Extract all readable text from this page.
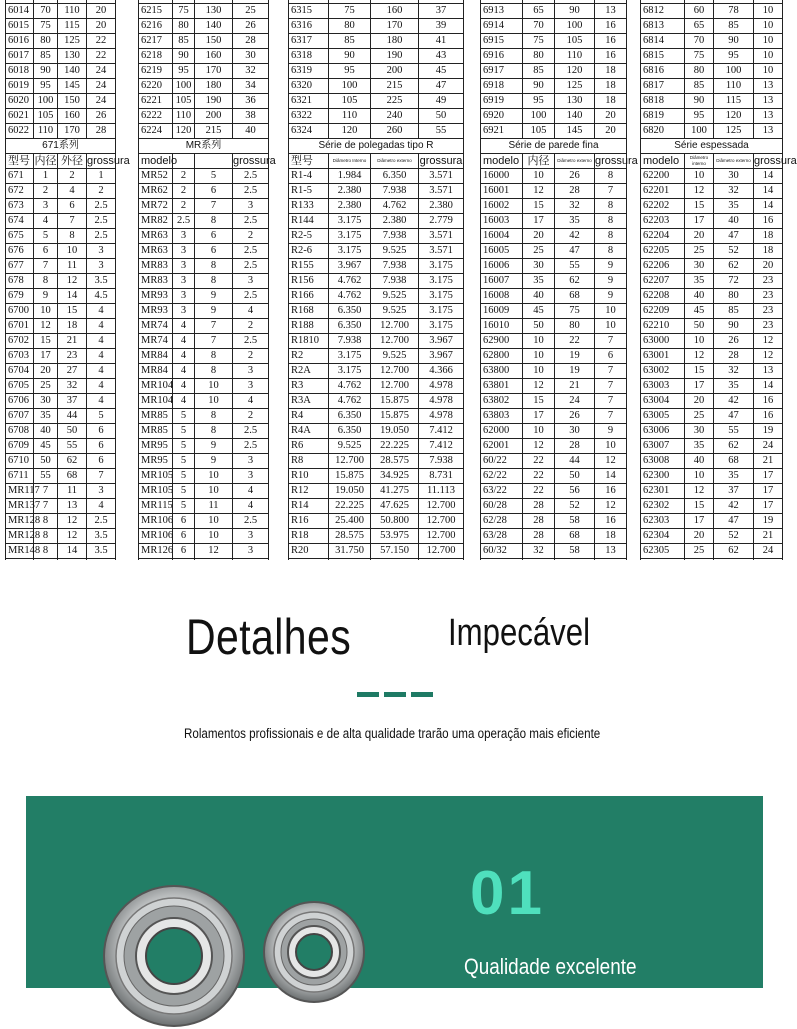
6014	70	110	20
6015	75	115	20
6016	80	125	22
6017	85	130	22
6018	90	140	24
6019	95	145	24
6020	100	150	24
6021	105	160	26
6022	110	170	28
671系列			
型号	内径	外径	grossura
671	1	2	1
672	2	4	2
673	3	6	2.5
674	4	7	2.5
675	5	8	2.5
676	6	10	3
677	7	11	3
678	8	12	3.5
679	9	14	4.5
6700	10	15	4
6701	12	18	4
6702	15	21	4
6703	17	23	4
6704	20	27	4
6705	25	32	4
6706	30	37	4
6707	35	44	5
6708	40	50	6
6709	45	55	6
6710	50	62	6
6711	55	68	7
MR117	7	11	3
MR137	7	13	4
MR128	8	12	2.5
MR128	8	12	3.5
MR148	8	14	3.5

6215	75	130	25
6216	80	140	26
6217	85	150	28
6218	90	160	30
6219	95	170	32
6220	100	180	34
6221	105	190	36
6222	110	200	38
6224	120	215	40
MR系列			
modelo			grossura
MR52	2	5	2.5
MR62	2	6	2.5
MR72	2	7	3
MR82	2.5	8	2.5
MR63	3	6	2
MR63	3	6	2.5
MR83	3	8	2.5
MR83	3	8	3
MR93	3	9	2.5
MR93	3	9	4
MR74	4	7	2
MR74	4	7	2.5
MR84	4	8	2
MR84	4	8	3
MR104	4	10	3
MR104	4	10	4
MR85	5	8	2
MR85	5	8	2.5
MR95	5	9	2.5
MR95	5	9	3
MR105	5	10	3
MR105	5	10	4
MR115	5	11	4
MR106	6	10	2.5
MR106	6	10	3
MR126	6	12	3

6315	75	160	37
6316	80	170	39
6317	85	180	41
6318	90	190	43
6319	95	200	45
6320	100	215	47
6321	105	225	49
6322	110	240	50
6324	120	260	55
Série de polegadas tipo R			
型号	Diâmetro Interno	Diâmetro externo	grossura
R1-4	1.984	6.350	3.571
R1-5	2.380	7.938	3.571
R133	2.380	4.762	2.380
R144	3.175	2.380	2.779
R2-5	3.175	7.938	3.571
R2-6	3.175	9.525	3.571
R155	3.967	7.938	3.175
R156	4.762	7.938	3.175
R166	4.762	9.525	3.175
R168	6.350	9.525	3.175
R188	6.350	12.700	3.175
R1810	7.938	12.700	3.967
R2	3.175	9.525	3.967
R2A	3.175	12.700	4.366
R3	4.762	12.700	4.978
R3A	4.762	15.875	4.978
R4	6.350	15.875	4.978
R4A	6.350	19.050	7.412
R6	9.525	22.225	7.412
R8	12.700	28.575	7.938
R10	15.875	34.925	8.731
R12	19.050	41.275	11.113
R14	22.225	47.625	12.700
R16	25.400	50.800	12.700
R18	28.575	53.975	12.700
R20	31.750	57.150	12.700

6913	65	90	13
6914	70	100	16
6915	75	105	16
6916	80	110	16
6917	85	120	18
6918	90	125	18
6919	95	130	18
6920	100	140	20
6921	105	145	20
Série de parede fina			
modelo	内径	Diâmetro externo	grossura
16000	10	26	8
16001	12	28	7
16002	15	32	8
16003	17	35	8
16004	20	42	8
16005	25	47	8
16006	30	55	9
16007	35	62	9
16008	40	68	9
16009	45	75	10
16010	50	80	10
62900	10	22	7
62800	10	19	6
63800	10	19	7
63801	12	21	7
63802	15	24	7
63803	17	26	7
62000	10	30	9
62001	12	28	10
60/22	22	44	12
62/22	22	50	14
63/22	22	56	16
60/28	28	52	12
62/28	28	58	16
63/28	28	68	18
60/32	32	58	13

6812	60	78	10
6813	65	85	10
6814	70	90	10
6815	75	95	10
6816	80	100	10
6817	85	110	13
6818	90	115	13
6819	95	120	13
6820	100	125	13
Série espessada			
modelo	Diâmetro interno	Diâmetro externo	grossura
62200	10	30	14
62201	12	32	14
62202	15	35	14
62203	17	40	16
62204	20	47	18
62205	25	52	18
62206	30	62	20
62207	35	72	23
62208	40	80	23
62209	45	85	23
62210	50	90	23
63000	10	26	12
63001	12	28	12
63002	15	32	13
63003	17	35	14
63004	20	42	16
63005	25	47	16
63006	30	55	19
63007	35	62	24
63008	40	68	21
62300	10	35	17
62301	12	37	17
62302	15	42	17
62303	17	47	19
62304	20	52	21
62305	25	62	24

Detalhes	Impecável
Rolamentos profissionais e de alta qualidade trarão uma operação mais eficiente
01
Qualidade excelente
